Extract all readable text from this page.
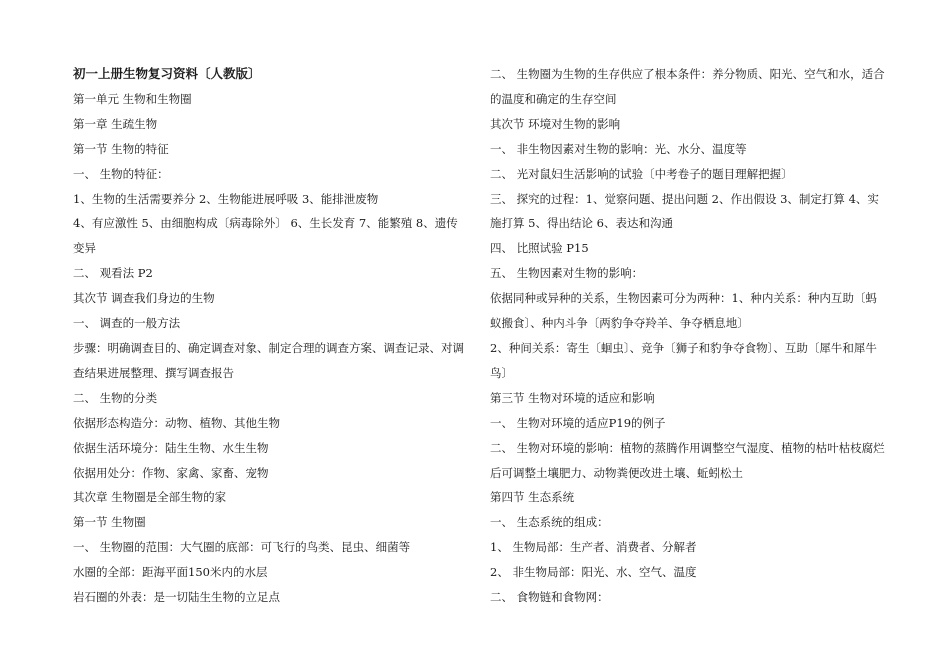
初一上册生物复习资料〔人教版〕
第一单元 生物和生物圈
第一章 生疏生物
第一节 生物的特征
一、 生物的特征：
1、生物的生活需要养分 2、生物能进展呼吸 3、能排泄废物
4、有应激性 5、由细胞构成〔病毒除外〕 6、生长发育 7、能繁殖 8、遗传变异
二、 观看法 P2
其次节 调查我们身边的生物
一、 调查的一般方法
步骤：明确调查目的、确定调查对象、制定合理的调查方案、调查记录、对调查结果进展整理、撰写调查报告
二、 生物的分类
依据形态构造分：动物、植物、其他生物
依据生活环境分：陆生生物、水生生物
依据用处分：作物、家禽、家畜、宠物
其次章 生物圈是全部生物的家
第一节 生物圈
一、 生物圈的范围：大气圈的底部：可飞行的鸟类、昆虫、细菌等
水圈的全部：距海平面150米内的水层
岩石圈的外表：是一切陆生生物的立足点
二、 生物圈为生物的生存供应了根本条件：养分物质、阳光、空气和水，适合的温度和确定的生存空间
其次节 环境对生物的影响
一、 非生物因素对生物的影响：光、水分、温度等
二、 光对鼠妇生活影响的试验〔中考卷子的题目理解把握〕
三、 探究的过程：1、觉察问题、提出问题 2、作出假设 3、制定打算 4、实施打算 5、得出结论 6、表达和沟通
四、 比照试验 P15
五、 生物因素对生物的影响：
依据同种或异种的关系，生物因素可分为两种：1、种内关系：种内互助〔蚂蚁搬食〕、种内斗争〔两豹争夺羚羊、争夺栖息地〕
2、种间关系：寄生〔蛔虫〕、竞争〔狮子和豹争夺食物〕、互助〔犀牛和犀牛鸟〕
第三节 生物对环境的适应和影响
一、 生物对环境的适应P19的例子
二、 生物对环境的影响：植物的蒸腾作用调整空气湿度、植物的枯叶枯枝腐烂后可调整土壤肥力、动物粪便改进土壤、蚯蚓松土
第四节 生态系统
一、 生态系统的组成：
1、 生物局部：生产者、消费者、分解者
2、 非生物局部：阳光、水、空气、温度
二、 食物链和食物网：
